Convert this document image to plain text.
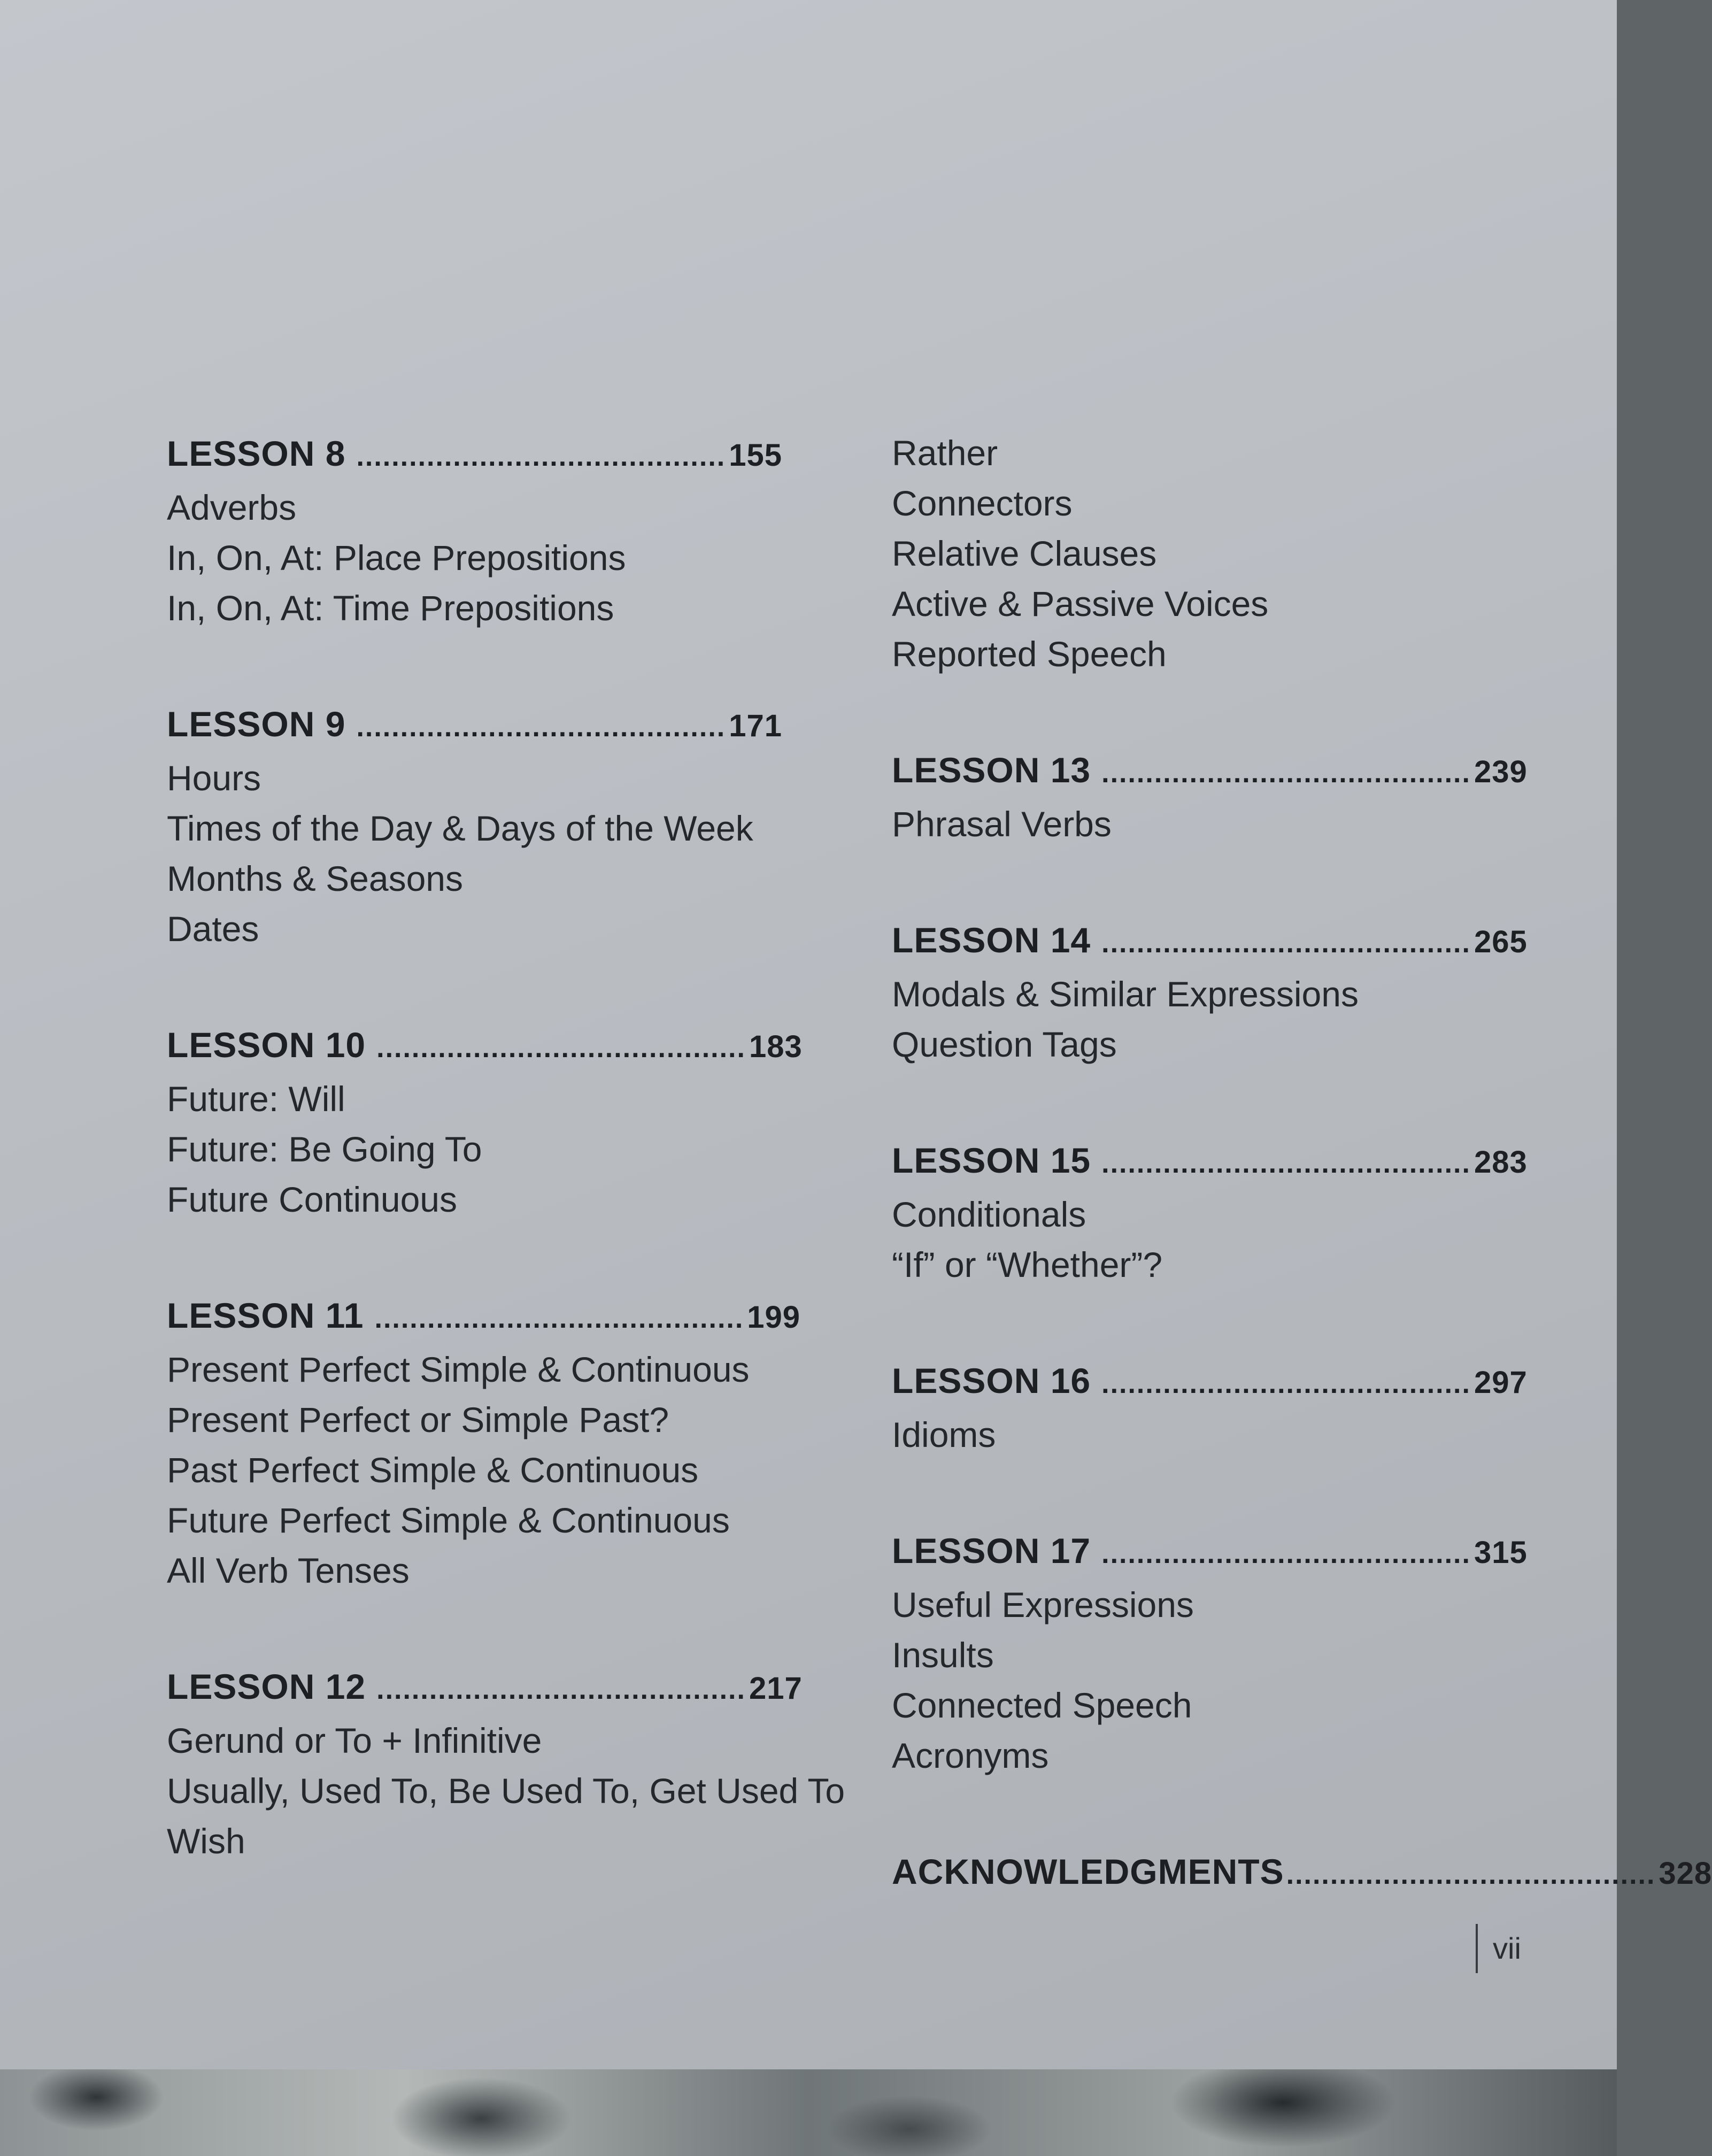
LESSON 8 .......................................... 155
Adverbs
In, On, At: Place Prepositions
In, On, At: Time Prepositions
LESSON 9 .......................................... 171
Hours
Times of the Day & Days of the Week
Months & Seasons
Dates
LESSON 10 .......................................... 183
Future: Will
Future: Be Going To
Future Continuous
LESSON 11 .......................................... 199
Present Perfect Simple & Continuous
Present Perfect or Simple Past?
Past Perfect Simple & Continuous
Future Perfect Simple & Continuous
All Verb Tenses
LESSON 12 .......................................... 217
Gerund or To + Infinitive
Usually, Used To, Be Used To, Get Used To
Wish
Rather
Connectors
Relative Clauses
Active & Passive Voices
Reported Speech
LESSON 13 .......................................... 239
Phrasal Verbs
LESSON 14 .......................................... 265
Modals & Similar Expressions
Question Tags
LESSON 15 .......................................... 283
Conditionals
“If” or “Whether”?
LESSON 16 .......................................... 297
Idioms
LESSON 17 .......................................... 315
Useful Expressions
Insults
Connected Speech
Acronyms
ACKNOWLEDGMENTS .......................................... 328
vii
